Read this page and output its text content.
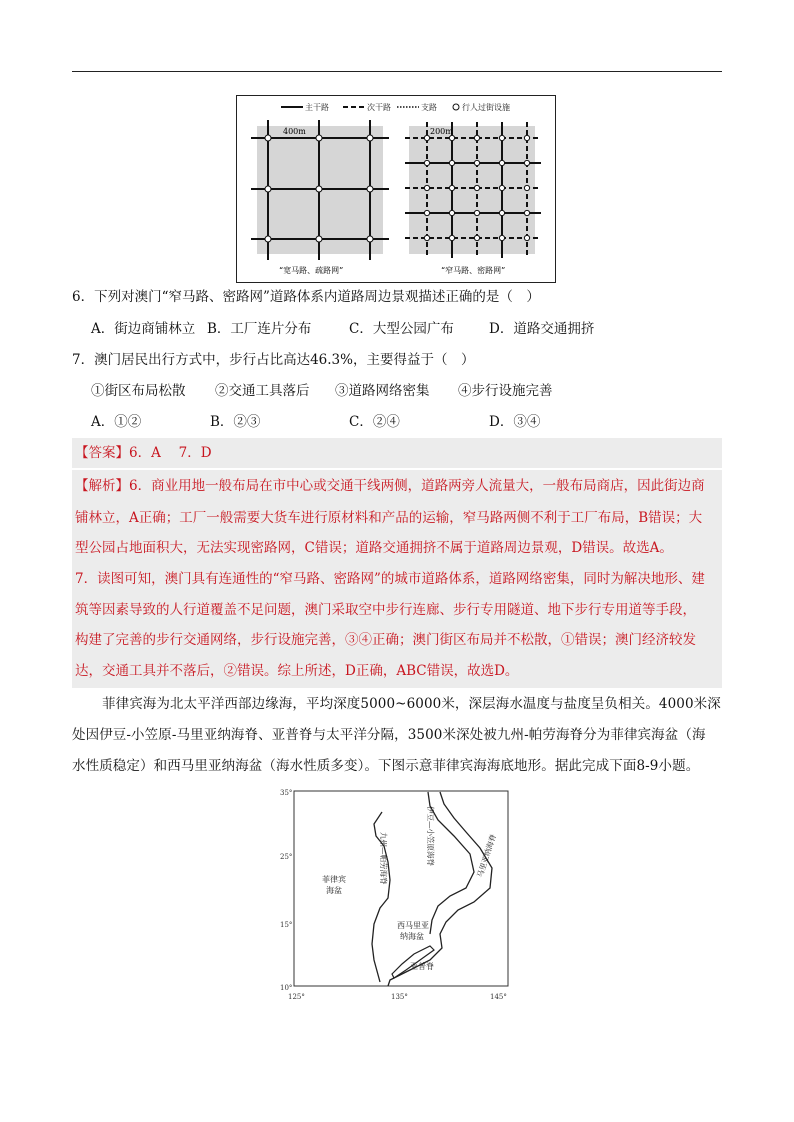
主干路	次干路	支路	行人过街设施
400m
“宽马路、疏路网”
200m
“窄马路、密路网”
6．下列对澳门“窄马路、密路网”道路体系内道路周边景观描述正确的是（　）
A．街边商铺林立 B．工厂连片分布	C．大型公园广布	D．道路交通拥挤
7．澳门居民出行方式中，步行占比高达46.3%，主要得益于（　）
①街区布局松散 ②交通工具落后 ③道路网络密集 ④步行设施完善
A．①②	B．②③	C．②④	D．③④
【答案】6．A　 7．D
【解析】6．商业用地一般布局在市中心或交通干线两侧，道路两旁人流量大，一般布局商店，因此街边商
铺林立，A正确；工厂一般需要大货车进行原材料和产品的运输，窄马路两侧不利于工厂布局，B错误；大
型公园占地面积大，无法实现密路网，C错误；道路交通拥挤不属于道路周边景观，D错误。故选A。
7．读图可知，澳门具有连通性的“窄马路、密路网”的城市道路体系，道路网络密集，同时为解决地形、建
筑等因素导致的人行道覆盖不足问题，澳门采取空中步行连廊、步行专用隧道、地下步行专用道等手段，
构建了完善的步行交通网络，步行设施完善，③④正确；澳门街区布局并不松散，①错误；澳门经济较发
达，交通工具并不落后，②错误。综上所述，D正确，ABC错误，故选D。
菲律宾海为北太平洋西部边缘海，平均深度5000~6000米，深层海水温度与盐度呈负相关。4000米深
处因伊豆-小笠原-马里亚纳海脊、亚普脊与太平洋分隔，3500米深处被九州-帕劳海脊分为菲律宾海盆（海
水性质稳定）和西马里亚纳海盆（海水性质多变）。下图示意菲律宾海海底地形。据此完成下面8-9小题。
35°
25°
15°
10°
125°	135°	145°
菲律宾
海盆
西马里亚
纳海盆
亚普脊
九州—帕劳海脊	伊豆—小笠原海脊	马里亚纳海脊
